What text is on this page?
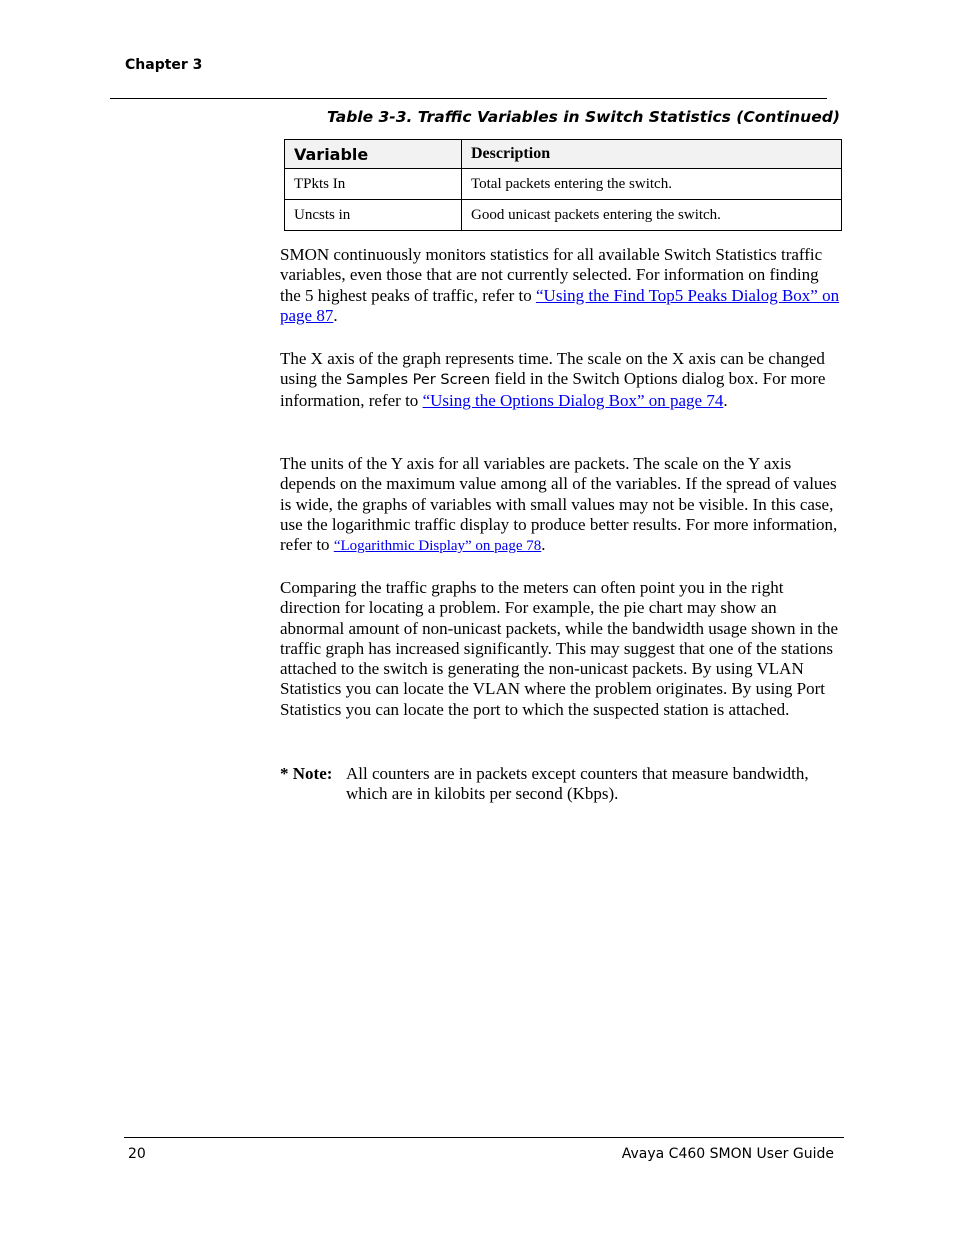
Chapter 3
Table 3-3. Traffic Variables in Switch Statistics (Continued)
Variable	Description
TPkts In	Total packets entering the switch.
Uncsts in	Good unicast packets entering the switch.
SMON continuously monitors statistics for all available Switch Statistics traffic variables, even those that are not currently selected. For information on finding the 5 highest peaks of traffic, refer to “Using the Find Top5 Peaks Dialog Box” on page 87.
The X axis of the graph represents time. The scale on the X axis can be changed using the Samples Per Screen field in the Switch Options dialog box. For more information, refer to “Using the Options Dialog Box” on page 74.
The units of the Y axis for all variables are packets. The scale on the Y axis depends on the maximum value among all of the variables. If the spread of values is wide, the graphs of variables with small values may not be visible. In this case, use the logarithmic traffic display to produce better results. For more information, refer to “Logarithmic Display” on page 78.
Comparing the traffic graphs to the meters can often point you in the right direction for locating a problem. For example, the pie chart may show an abnormal amount of non-unicast packets, while the bandwidth usage shown in the traffic graph has increased significantly. This may suggest that one of the stations attached to the switch is generating the non-unicast packets. By using VLAN Statistics you can locate the VLAN where the problem originates. By using Port Statistics you can locate the port to which the suspected station is attached.
* Note: All counters are in packets except counters that measure bandwidth, which are in kilobits per second (Kbps).
20	Avaya C460 SMON User Guide
